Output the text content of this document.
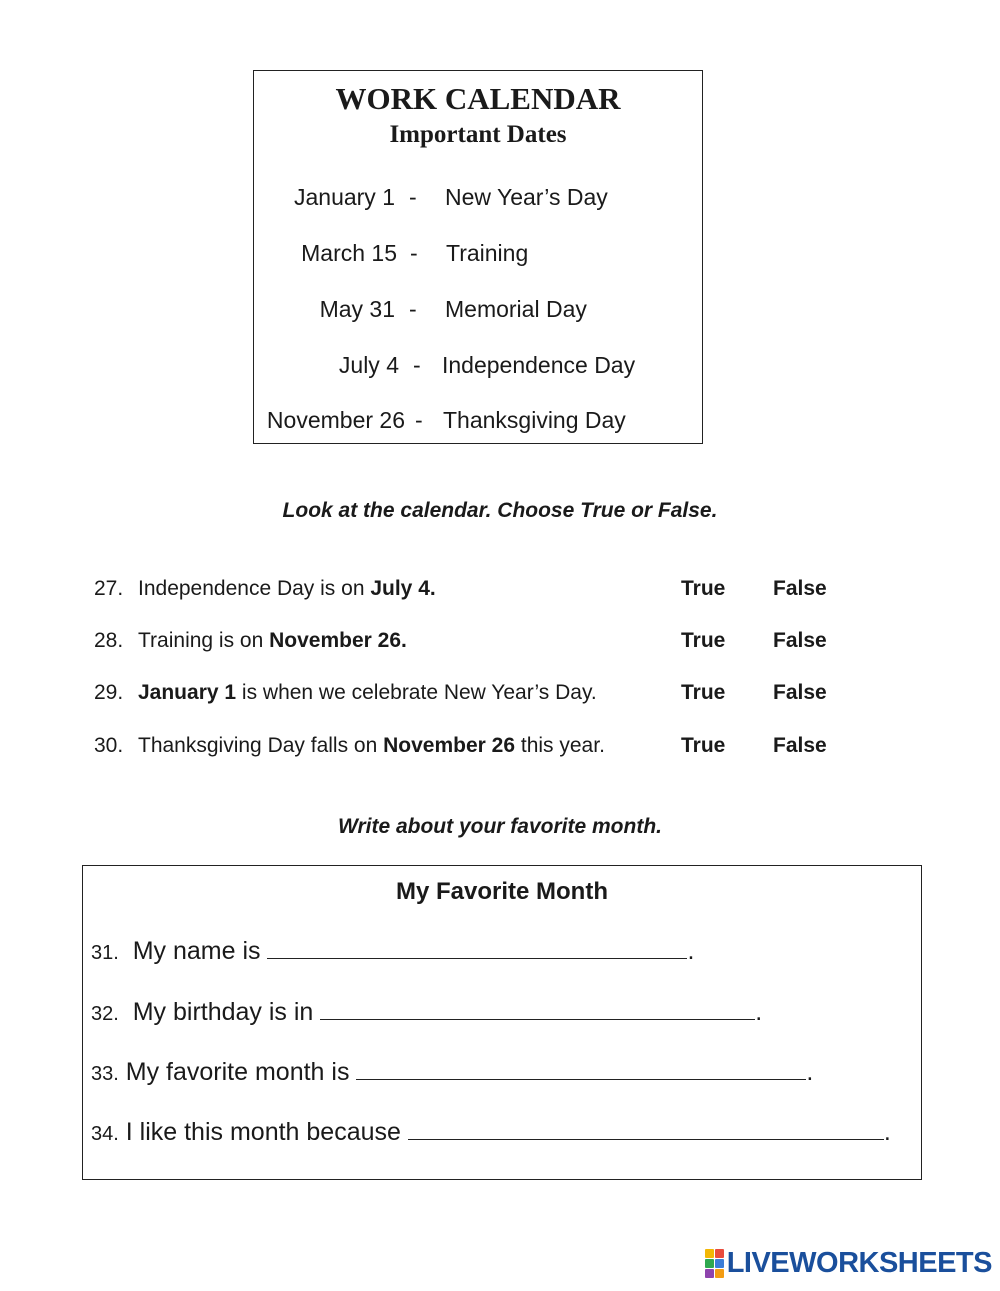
WORK CALENDAR
Important Dates
January 1 - New Year’s Day
March 15 - Training
May 31 - Memorial Day
July 4 - Independence Day
November 26 - Thanksgiving Day
Look at the calendar. Choose True or False.
27. Independence Day is on July 4.	True False
28. Training is on November 26.	True False
29. January 1 is when we celebrate New Year’s Day.	True False
30. Thanksgiving Day falls on November 26 this year.	True False
Write about your favorite month.
My Favorite Month
31. My name is	.
32. My birthday is in	.
33. My favorite month is	.
34. I like this month because	.
LIVEWORKSHEETS
